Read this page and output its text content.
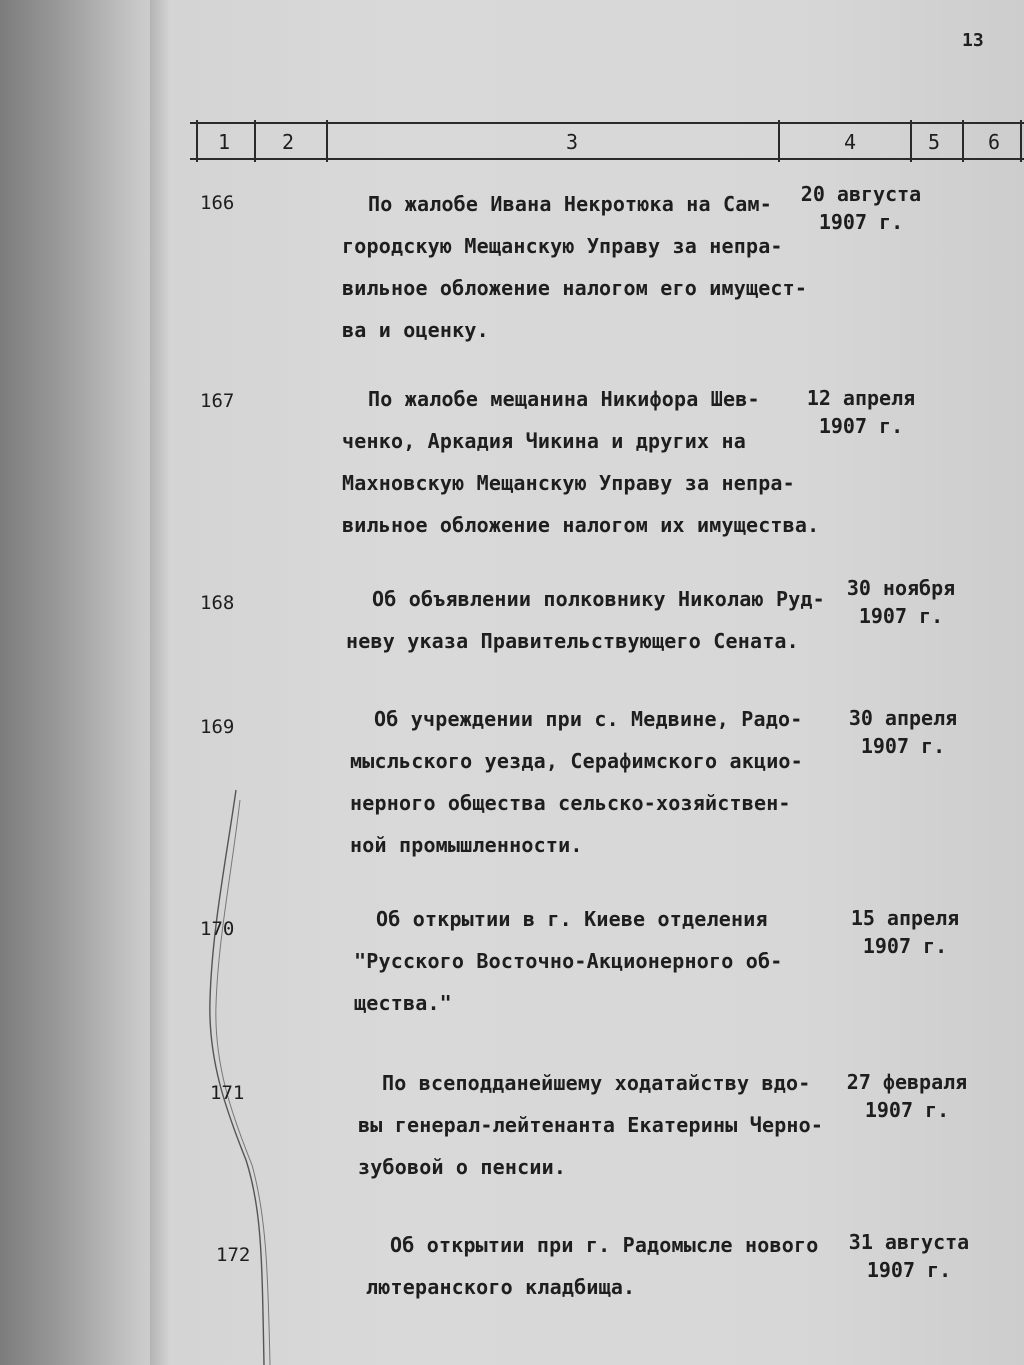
13
1	2	3	4	5 6
166	По жалобе Ивана Некротюка на Сам-
городскую Мещанскую Управу за непра-
вильное обложение налогом его имущест-
ва и оценку.
20 августа
1907 г.
167	По жалобе мещанина Никифора Шев-
ченко, Аркадия Чикина и других на
Махновскую Мещанскую Управу за непра-
вильное обложение налогом их имущества.
12 апреля
1907 г.
168	Об объявлении полковнику Николаю Руд-
неву указа Правительствующего Сената.
30 ноября
1907 г.
169	Об учреждении при с. Медвине, Радо-
мысльского уезда, Серафимского акцио-
нерного общества сельско-хозяйствен-
ной промышленности.
30 апреля
1907 г.
170	Об открытии в г. Киеве отделения
"Русского Восточно-Акционерного об-
щества."
15 апреля
1907 г.
171	По всеподданейшему ходатайству вдо-
вы генерал-лейтенанта Екатерины Черно-
зубовой о пенсии.
27 февраля
1907 г.
172	Об открытии при г. Радомысле нового
лютеранского кладбища.
31 августа
1907 г.
